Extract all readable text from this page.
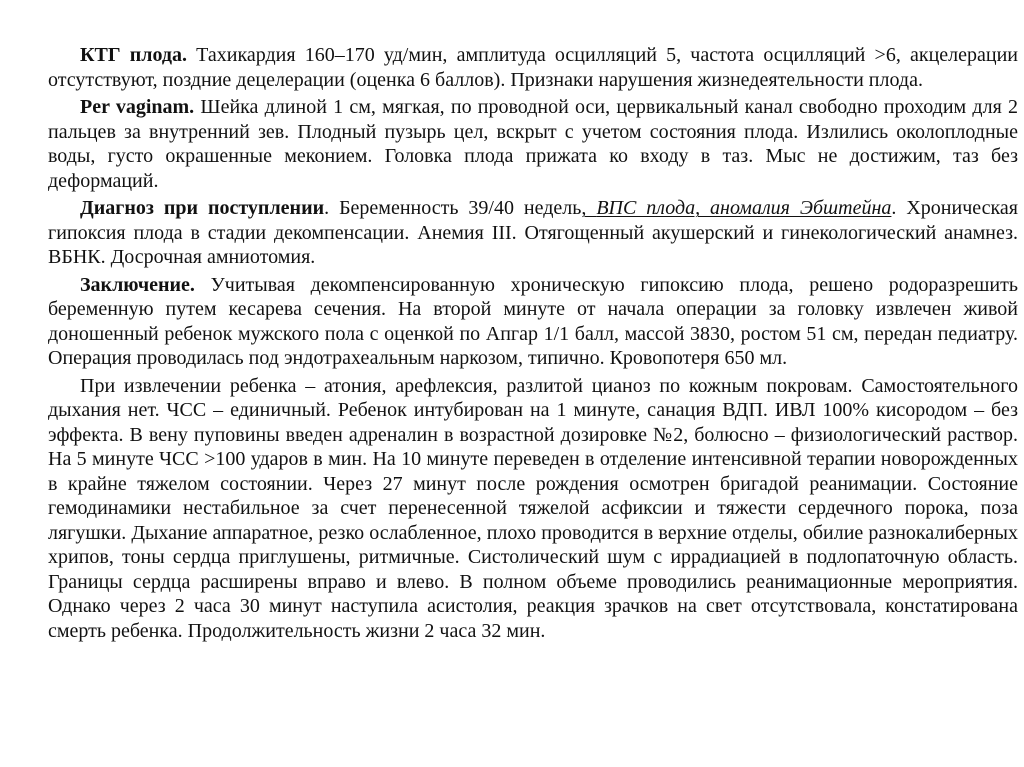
КТГ плода. Тахикардия 160–170 уд/мин, амплитуда осцилляций 5, частота осцилляций >6, акцелерации отсутствуют, поздние децелерации (оценка 6 баллов). Признаки нарушения жизнедеятельности плода.

Per vaginam. Шейка длиной 1 см, мягкая, по проводной оси, цервикальный канал свободно проходим для 2 пальцев за внутренний зев. Плодный пузырь цел, вскрыт с учетом состояния плода. Излились околоплодные воды, густо окрашенные меконием. Головка плода прижата ко входу в таз. Мыс не достижим, таз без деформаций.

Диагноз при поступлении. Беременность 39/40 недель, ВПС плода, аномалия Эбштейна. Хроническая гипоксия плода в стадии декомпенсации. Анемия III. Отягощенный акушерский и гинекологический анамнез. ВБНК. Досрочная амниотомия.

Заключение. Учитывая декомпенсированную хроническую гипоксию плода, решено родоразрешить беременную путем кесарева сечения. На второй минуте от начала операции за головку извлечен живой доношенный ребенок мужского пола с оценкой по Апгар 1/1 балл, массой 3830, ростом 51 см, передан педиатру. Операция проводилась под эндотрахеальным наркозом, типично. Кровопотеря 650 мл.

При извлечении ребенка – атония, арефлексия, разлитой цианоз по кожным покровам. Самостоятельного дыхания нет. ЧСС – единичный. Ребенок интубирован на 1 минуте, санация ВДП. ИВЛ 100% кисородом – без эффекта. В вену пуповины введен адреналин в возрастной дозировке №2, болюсно – физиологический раствор. На 5 минуте ЧСС >100 ударов в мин. На 10 минуте переведен в отделение интенсивной терапии новорожденных в крайне тяжелом состоянии. Через 27 минут после рождения осмотрен бригадой реанимации. Состояние гемодинамики нестабильное за счет перенесенной тяжелой асфиксии и тяжести сердечного порока, поза лягушки. Дыхание аппаратное, резко ослабленное, плохо проводится в верхние отделы, обилие разнокалиберных хрипов, тоны сердца приглушены, ритмичные. Систолический шум с иррадиацией в подлопаточную область. Границы сердца расширены вправо и влево. В полном объеме проводились реанимационные мероприятия. Однако через 2 часа 30 минут наступила асистолия, реакция зрачков на свет отсутствовала, констатирована смерть ребенка. Продолжительность жизни 2 часа 32 мин.
